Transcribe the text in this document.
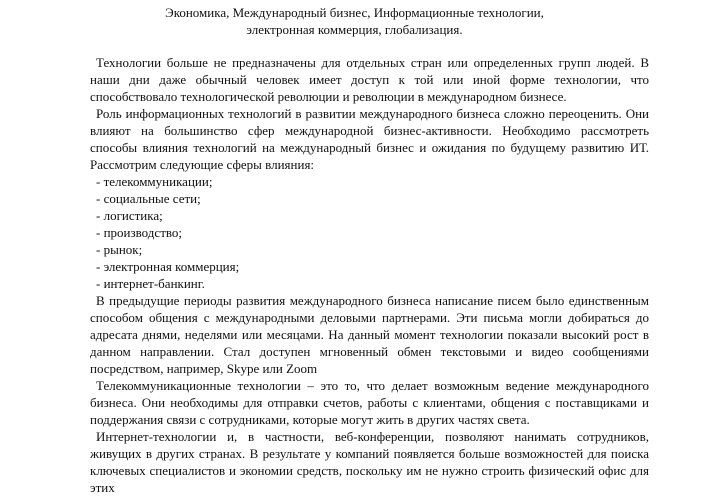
Экономика, Международный бизнес, Информационные технологии,
электронная коммерция, глобализация.

Технологии больше не предназначены для отдельных стран или определенных групп людей. В наши дни даже обычный человек имеет доступ к той или иной форме технологии, что способствовало технологической революции и революции в международном бизнесе.

Роль информационных технологий в развитии международного бизнеса сложно переоценить. Они влияют на большинство сфер международной бизнес-активности. Необходимо рассмотреть способы влияния технологий на международный бизнес и ожидания по будущему развитию ИТ. Рассмотрим следующие сферы влияния:

- телекоммуникации;
- социальные сети;
- логистика;
- производство;
- рынок;
- электронная коммерция;
- интернет-банкинг.

В предыдущие периоды развития международного бизнеса написание писем было единственным способом общения с международными деловыми партнерами. Эти письма могли добираться до адресата днями, неделями или месяцами. На данный момент технологии показали высокий рост в данном направлении. Стал доступен мгновенный обмен текстовыми и видео сообщениями посредством, например, Skype или Zoom

Телекоммуникационные технологии – это то, что делает возможным ведение международного бизнеса. Они необходимы для отправки счетов, работы с клиентами, общения с поставщиками и поддержания связи с сотрудниками, которые могут жить в других частях света.

Интернет-технологии и, в частности, веб-конференции, позволяют нанимать сотрудников, живущих в других странах. В результате у компаний появляется больше возможностей для поиска ключевых специалистов и экономии средств, поскольку им не нужно строить физический офис для этих
